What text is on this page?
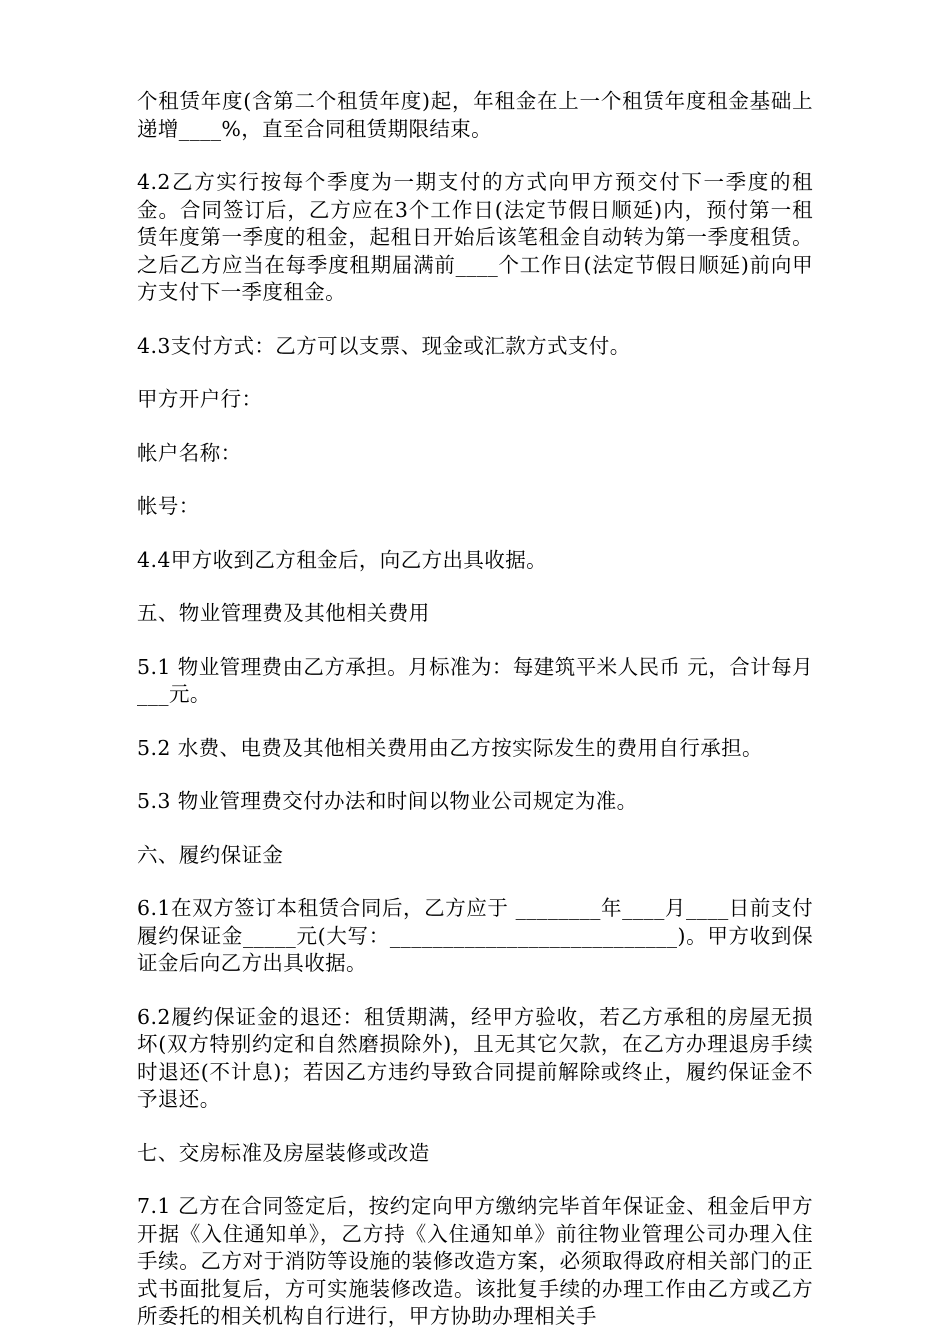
个租赁年度(含第二个租赁年度)起，年租金在上一个租赁年度租金基础上递增____%，直至合同租赁期限结束。

4.2乙方实行按每个季度为一期支付的方式向甲方预交付下一季度的租金。合同签订后，乙方应在3个工作日(法定节假日顺延)内，预付第一租赁年度第一季度的租金，起租日开始后该笔租金自动转为第一季度租赁。之后乙方应当在每季度租期届满前____个工作日(法定节假日顺延)前向甲方支付下一季度租金。

4.3支付方式：乙方可以支票、现金或汇款方式支付。

甲方开户行：

帐户名称：

帐号：

4.4甲方收到乙方租金后，向乙方出具收据。

五、物业管理费及其他相关费用

5.1 物业管理费由乙方承担。月标准为：每建筑平米人民币 元，合计每月 ___元。

5.2 水费、电费及其他相关费用由乙方按实际发生的费用自行承担。

5.3 物业管理费交付办法和时间以物业公司规定为准。

六、履约保证金

6.1在双方签订本租赁合同后，乙方应于 ________年____月____日前支付履约保证金_____元(大写：___________________________)。甲方收到保证金后向乙方出具收据。

6.2履约保证金的退还：租赁期满，经甲方验收，若乙方承租的房屋无损坏(双方特别约定和自然磨损除外)，且无其它欠款，在乙方办理退房手续时退还(不计息)；若因乙方违约导致合同提前解除或终止，履约保证金不予退还。

七、交房标准及房屋装修或改造

7.1 乙方在合同签定后，按约定向甲方缴纳完毕首年保证金、租金后甲方开据《入住通知单》，乙方持《入住通知单》前往物业管理公司办理入住手续。乙方对于消防等设施的装修改造方案，必须取得政府相关部门的正式书面批复后，方可实施装修改造。该批复手续的办理工作由乙方或乙方所委托的相关机构自行进行，甲方协助办理相关手
